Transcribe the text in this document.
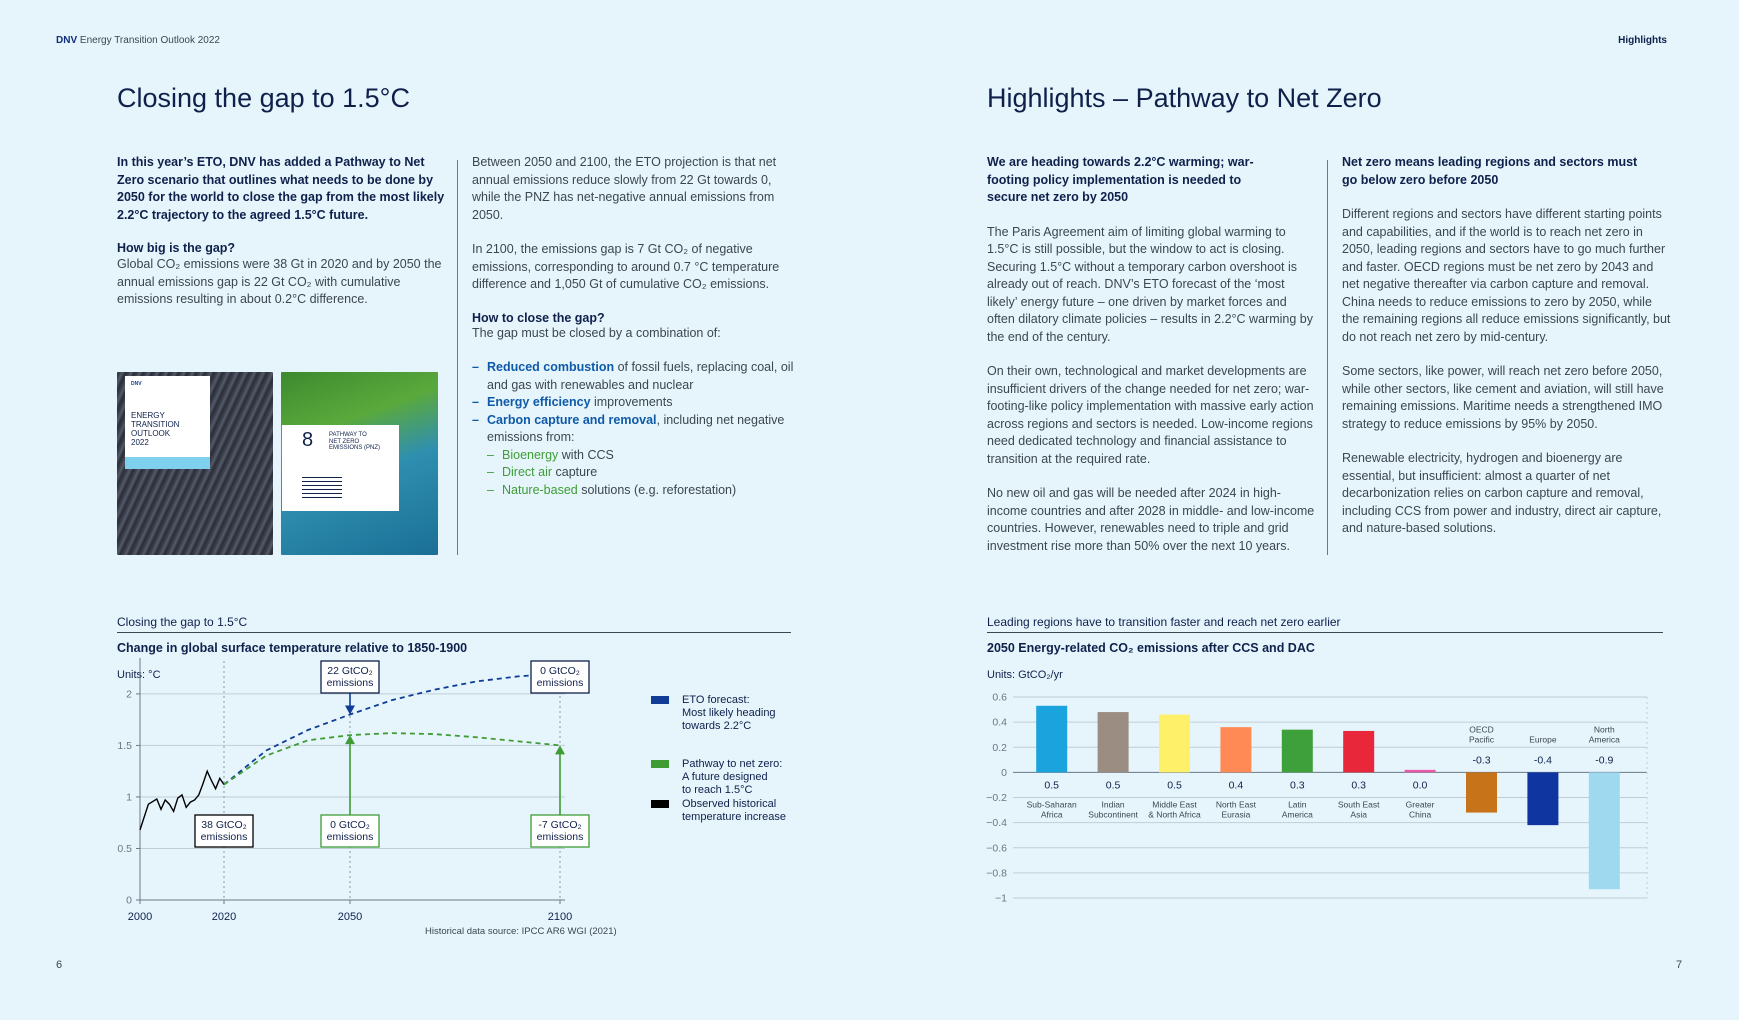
DNV Energy Transition Outlook 2022	Highlights
Closing the gap to 1.5°C
In this year’s ETO, DNV has added a Pathway to Net Zero scenario that outlines what needs to be done by 2050 for the world to close the gap from the most likely 2.2°C trajectory to the agreed 1.5°C future.
How big is the gap?
Global CO₂ emissions were 38 Gt in 2020 and by 2050 the annual emissions gap is 22 Gt CO₂ with cumulative emissions resulting in about 0.2°C difference.
Between 2050 and 2100, the ETO projection is that net annual emissions reduce slowly from 22 Gt towards 0, while the PNZ has net-negative annual emissions from 2050.
In 2100, the emissions gap is 7 Gt CO₂ of negative emissions, corresponding to around 0.7 °C temperature difference and 1,050 Gt of cumulative CO₂ emissions.
How to close the gap?
The gap must be closed by a combination of:
– Reduced combustion of fossil fuels, replacing coal, oil and gas with renewables and nuclear
– Energy efficiency improvements
– Carbon capture and removal, including net negative emissions from:
– Bioenergy with CCS
– Direct air capture
– Nature-based solutions (e.g. reforestation)
DNV
ENERGY
TRANSITION
OUTLOOK
2022	8	PATHWAY TO
NET ZERO
EMISSIONS (PNZ)
Closing the gap to 1.5°C
Change in global surface temperature relative to 1850-1900
Units: °C
0
0.5
1
1.5
2
2000	2020	2050	2100
38 GtCO₂
emissions
22 GtCO₂
emissions
0 GtCO₂
emissions
0 GtCO₂
emissions
-7 GtCO₂
emissions
ETO forecast:
Most likely heading
towards 2.2°C
Pathway to net zero:
A future designed
to reach 1.5°C
Observed historical
temperature increase
Historical data source: IPCC AR6 WGI (2021)
6
Highlights – Pathway to Net Zero
We are heading towards 2.2°C warming; war-footing policy implementation is needed to secure net zero by 2050
The Paris Agreement aim of limiting global warming to 1.5°C is still possible, but the window to act is closing. Securing 1.5°C without a temporary carbon overshoot is already out of reach. DNV’s ETO forecast of the ‘most likely’ energy future – one driven by market forces and often dilatory climate policies – results in 2.2°C warming by the end of the century.
On their own, technological and market developments are insufficient drivers of the change needed for net zero; war-footing-like policy implementation with massive early action across regions and sectors is needed. Low-income regions need dedicated technology and financial assistance to transition at the required rate.
No new oil and gas will be needed after 2024 in high-income countries and after 2028 in middle- and low-income countries. However, renewables need to triple and grid investment rise more than 50% over the next 10 years.
Net zero means leading regions and sectors must go below zero before 2050
Different regions and sectors have different starting points and capabilities, and if the world is to reach net zero in 2050, leading regions and sectors have to go much further and faster. OECD regions must be net zero by 2043 and net negative thereafter via carbon capture and removal. China needs to reduce emissions to zero by 2050, while the remaining regions all reduce emissions significantly, but do not reach net zero by mid-century.
Some sectors, like power, will reach net zero before 2050, while other sectors, like cement and aviation, will still have remaining emissions. Maritime needs a strengthened IMO strategy to reduce emissions by 95% by 2050.
Renewable electricity, hydrogen and bioenergy are essential, but insufficient: almost a quarter of net decarbonization relies on carbon capture and removal, including CCS from power and industry, direct air capture, and nature-based solutions.
Leading regions have to transition faster and reach net zero earlier
2050 Energy-related CO₂ emissions after CCS and DAC
Units: GtCO₂/yr
0.6
0.4
0.2
0
−0.2
−0.4
−0.6
−0.8
−1
0.5
Sub-Saharan
Africa
0.5
Indian
Subcontinent
0.5
Middle East
& North Africa
0.4
North East
Eurasia
0.3
Latin
America
0.3
South East
Asia
0.0
Greater
China
-0.3
OECD
Pacific
-0.4
Europe
-0.9
North
America
7
